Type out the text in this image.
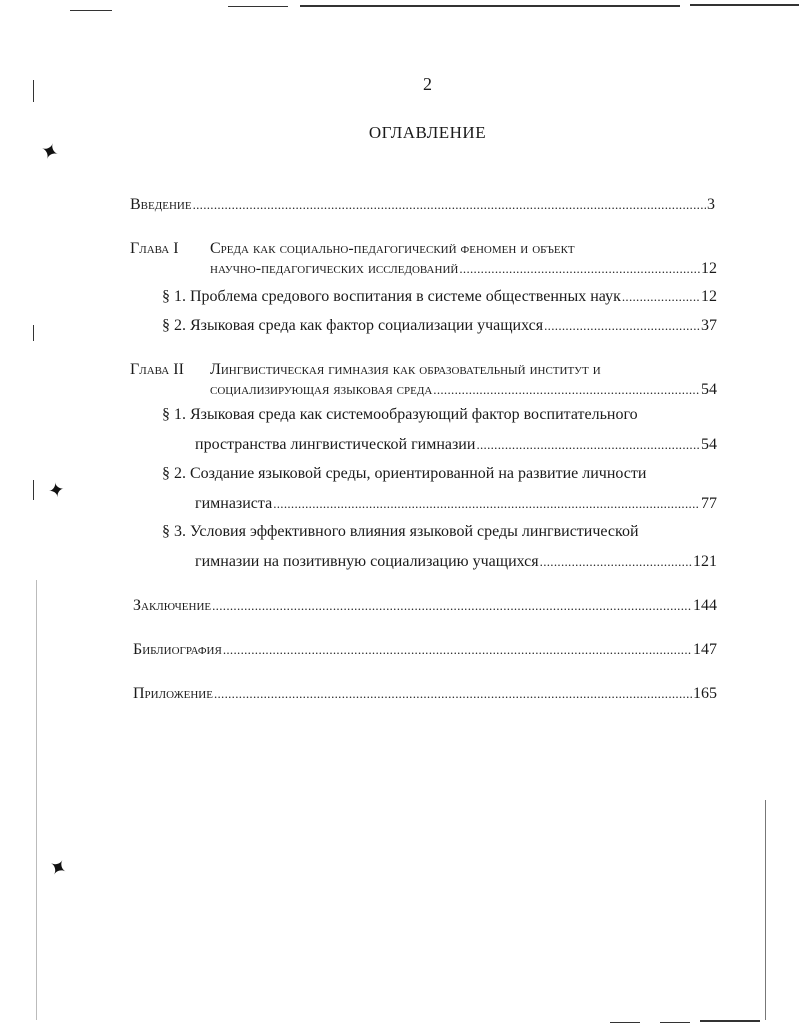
✦
✦
✦
2
ОГЛАВЛЕНИЕ
Введение .....	3
Глава I Среда как социально-педагогический феномен и объект
научно-педагогических исследований .....	12
§ 1. Проблема средового воспитания в системе общественных наук .....	12
§ 2. Языковая среда как фактор социализации учащихся .....	37
Глава II Лингвистическая гимназия как образовательный институт и
социализирующая языковая среда .....	54
§ 1. Языковая среда как системообразующий фактор воспитательного
пространства лингвистической гимназии .....	54
§ 2. Создание языковой среды, ориентированной на развитие личности
гимназиста .....	77
§ 3. Условия эффективного влияния языковой среды лингвистической
гимназии на позитивную социализацию учащихся .....	121
Заключение .....	144
Библиография .....	147
Приложение .....	165
